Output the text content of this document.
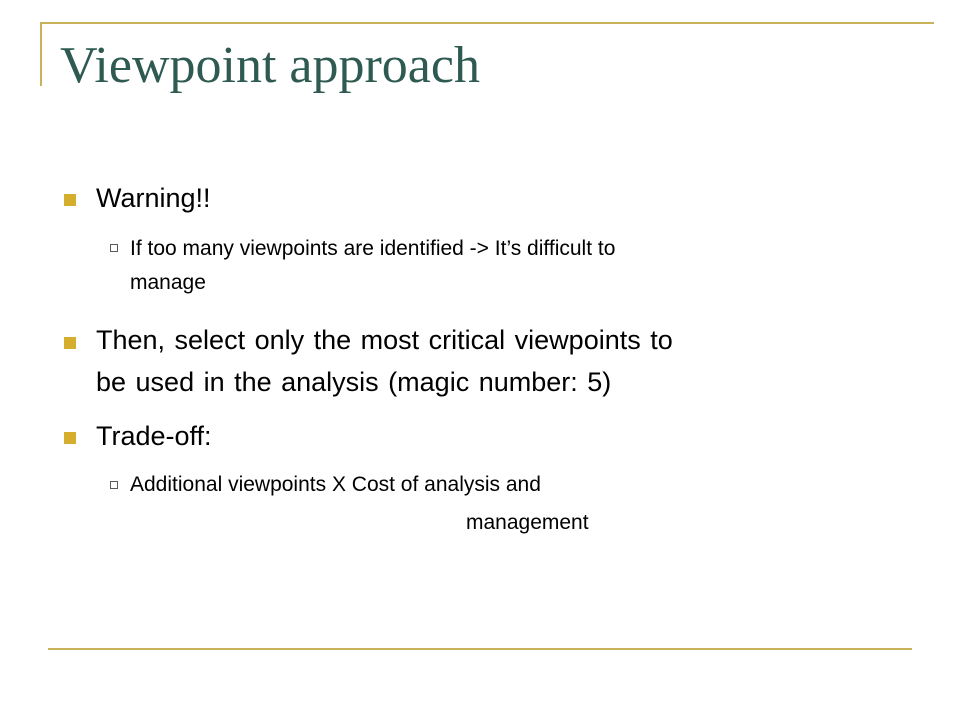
Viewpoint approach
Warning!!
If too many viewpoints are identified -> It’s difficult to
manage
Then, select only the most critical viewpoints to
be used in the analysis (magic number: 5)
Trade-off:
Additional viewpoints X Cost of analysis and
management
